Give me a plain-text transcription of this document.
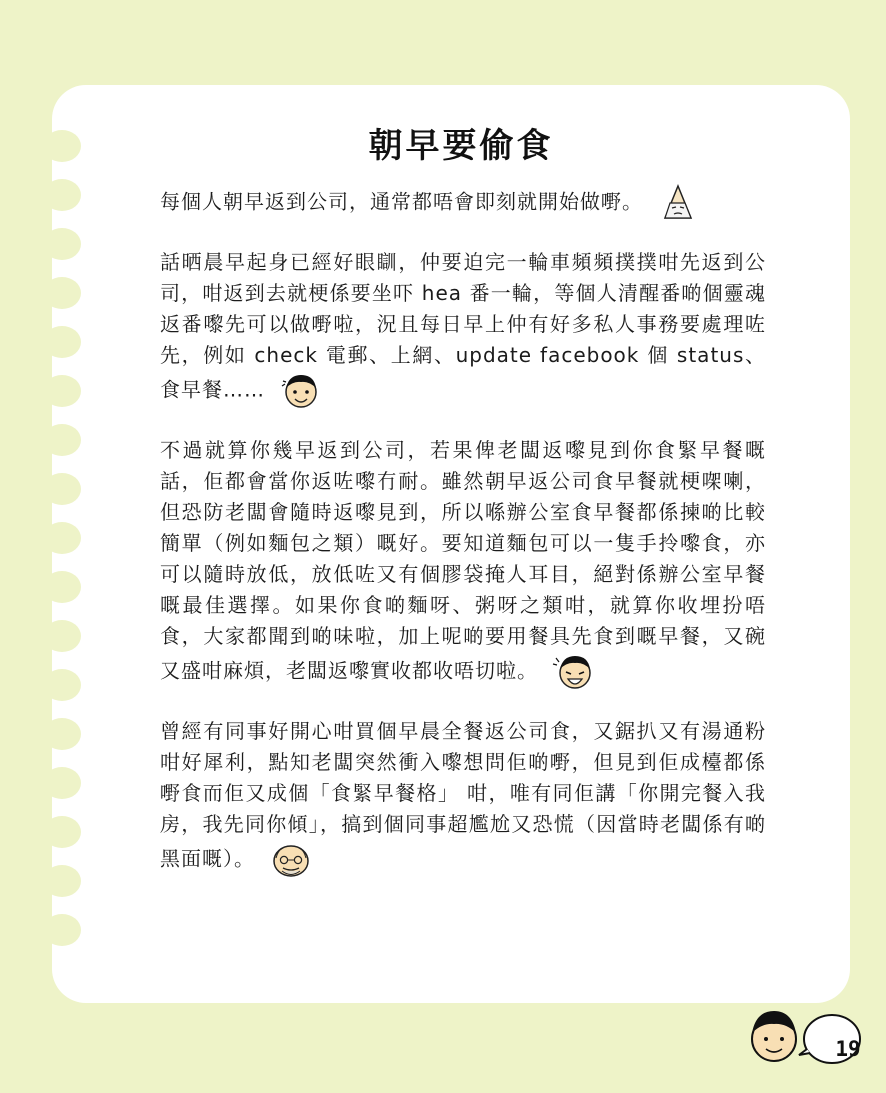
朝早要偷食

每個人朝早返到公司，通常都唔會即刻就開始做嘢。

話晒晨早起身已經好眼瞓，仲要迫完一輪車頻頻撲撲咁先返到公司，咁返到去就梗係要坐吓 hea 番一輪，等個人清醒番啲個靈魂返番嚟先可以做嘢啦，況且每日早上仲有好多私人事務要處理咗先，例如 check 電郵、上網、update facebook 個 status、食早餐……

不過就算你幾早返到公司，若果俾老闆返嚟見到你食緊早餐嘅話，佢都會當你返咗嚟冇耐。雖然朝早返公司食早餐就梗㗎喇，但恐防老闆會隨時返嚟見到，所以喺辦公室食早餐都係揀啲比較簡單（例如麵包之類）嘅好。要知道麵包可以一隻手拎嚟食，亦可以隨時放低，放低咗又有個膠袋掩人耳目，絕對係辦公室早餐嘅最佳選擇。如果你食啲麵呀、粥呀之類咁，就算你收埋扮唔食，大家都聞到啲味啦，加上呢啲要用餐具先食到嘅早餐，又碗又盛咁麻煩，老闆返嚟實收都收唔切啦。

曾經有同事好開心咁買個早晨全餐返公司食，又鋸扒又有湯通粉咁好犀利，點知老闆突然衝入嚟想問佢啲嘢，但見到佢成檯都係嘢食而佢又成個「食緊早餐格」 咁，唯有同佢講「你開完餐入我房，我先同你傾」，搞到個同事超尷尬又恐慌（因當時老闆係有啲黑面嘅）。

19
